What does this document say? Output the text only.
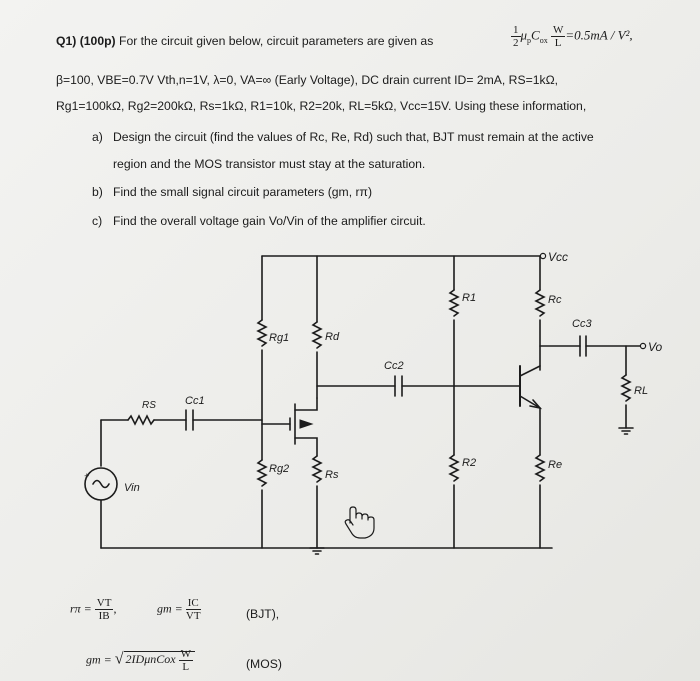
Q1) (100p) For the circuit given below, circuit parameters are given as	$\frac{1}{2} \mu_pC_{ox} \frac{W}{L} =0.5mA / V^2$,
β=100, VBE=0.7V Vth,n=1V, λ=0, VA=∞ (Early Voltage), DC drain current ID= 2mA, RS=1kΩ,
Rg1=100kΩ, Rg2=200kΩ, Rs=1kΩ, R1=10k, R2=20k, RL=5kΩ, Vcc=15V. Using these information,
a) Design the circuit (find the values of Rc, Re, Rd) such that, BJT must remain at the active
region and the MOS transistor must stay at the saturation.
b) Find the small signal circuit parameters (gm, rπ)
c) Find the overall voltage gain Vo/Vin of the amplifier circuit.
Vcc
Rg1
Rg2
Rd
Rs
Cc2
R1
R2
Rc
Cc3
Vo
RL
Re
RS	Cc1
+
Vin
$r\pi = \frac{VT}{IB}$ ,	gm = $\frac{IC}{VT}$	(BJT),
gm = √ 2IDμnCox $\frac{W}{L}$	(MOS)
